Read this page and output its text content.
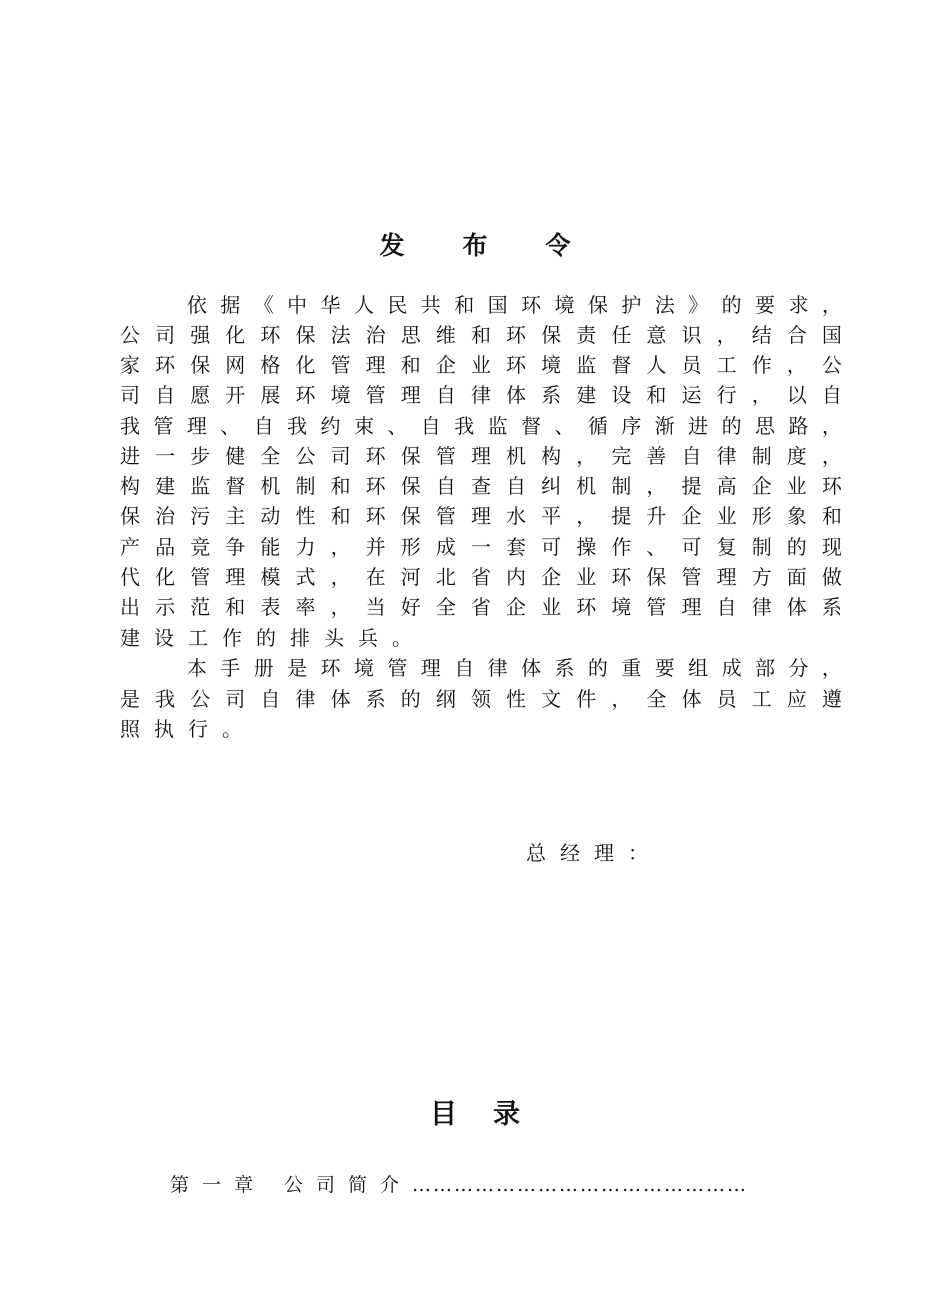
发布令

依 据 《 中 华 人 民 共 和 国 环 境 保 护 法 》 的 要 求 ，
公 司 强 化 环 保 法 治 思 维 和 环 保 责 任 意 识 ， 结 合 国
家 环 保 网 格 化 管 理 和 企 业 环 境 监 督 人 员 工 作 ， 公
司 自 愿 开 展 环 境 管 理 自 律 体 系 建 设 和 运 行 ， 以 自
我 管 理 、 自 我 约 束 、 自 我 监 督 、 循 序 渐 进 的 思 路 ，
进 一 步 健 全 公 司 环 保 管 理 机 构 ， 完 善 自 律 制 度 ，
构 建 监 督 机 制 和 环 保 自 查 自 纠 机 制 ， 提 高 企 业 环
保 治 污 主 动 性 和 环 保 管 理 水 平 ， 提 升 企 业 形 象 和
产 品 竞 争 能 力 ， 并 形 成 一 套 可 操 作 、 可 复 制 的 现
代 化 管 理 模 式 ， 在 河 北 省 内 企 业 环 保 管 理 方 面 做
出 示 范 和 表 率 ， 当 好 全 省 企 业 环 境 管 理 自 律 体 系
建设工作的排头兵。

本 手 册 是 环 境 管 理 自 律 体 系 的 重 要 组 成 部 分 ，
是 我 公 司 自 律 体 系 的 纲 领 性 文 件 ， 全 体 员 工 应 遵
照执行。
总经理：
目录
第一章 公司简介 …………………………………………
